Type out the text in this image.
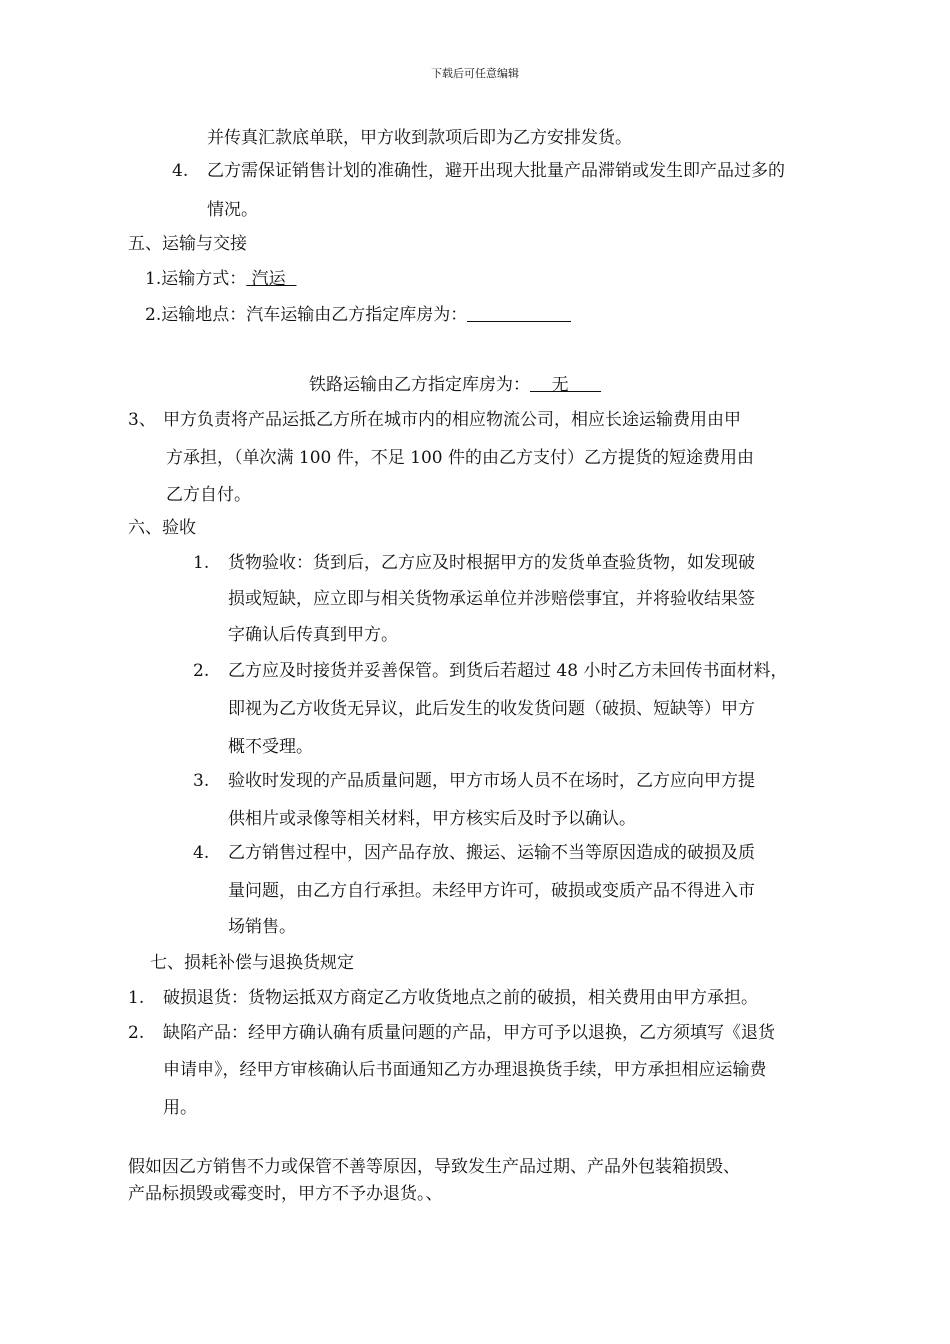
下载后可任意编辑
并传真汇款底单联，甲方收到款项后即为乙方安排发货。
4. 乙方需保证销售计划的准确性，避开出现大批量产品滞销或发生即产品过多的
情况。
五、运输与交接
1.运输方式： 汽运
2.运输地点：汽车运输由乙方指定库房为：
铁路运输由乙方指定库房为：    无
3、 甲方负责将产品运抵乙方所在城市内的相应物流公司，相应长途运输费用由甲
方承担，（单次满 100 件，不足 100 件的由乙方支付）乙方提货的短途费用由
乙方自付。
六、验收
1. 货物验收：货到后，乙方应及时根据甲方的发货单查验货物，如发现破
损或短缺，应立即与相关货物承运单位并涉赔偿事宜，并将验收结果签
字确认后传真到甲方。
2. 乙方应及时接货并妥善保管。到货后若超过 48 小时乙方未回传书面材料，
即视为乙方收货无异议，此后发生的收发货问题（破损、短缺等）甲方
概不受理。
3. 验收时发现的产品质量问题，甲方市场人员不在场时，乙方应向甲方提
供相片或录像等相关材料，甲方核实后及时予以确认。
4. 乙方销售过程中，因产品存放、搬运、运输不当等原因造成的破损及质
量问题，由乙方自行承担。未经甲方许可，破损或变质产品不得进入市
场销售。
七、损耗补偿与退换货规定
1. 破损退货：货物运抵双方商定乙方收货地点之前的破损，相关费用由甲方承担。
2. 缺陷产品：经甲方确认确有质量问题的产品，甲方可予以退换，乙方须填写《退货
申请申》，经甲方审核确认后书面通知乙方办理退换货手续，甲方承担相应运输费
用。
假如因乙方销售不力或保管不善等原因，导致发生产品过期、产品外包装箱损毁、
产品标损毁或霉变时，甲方不予办退货。、
